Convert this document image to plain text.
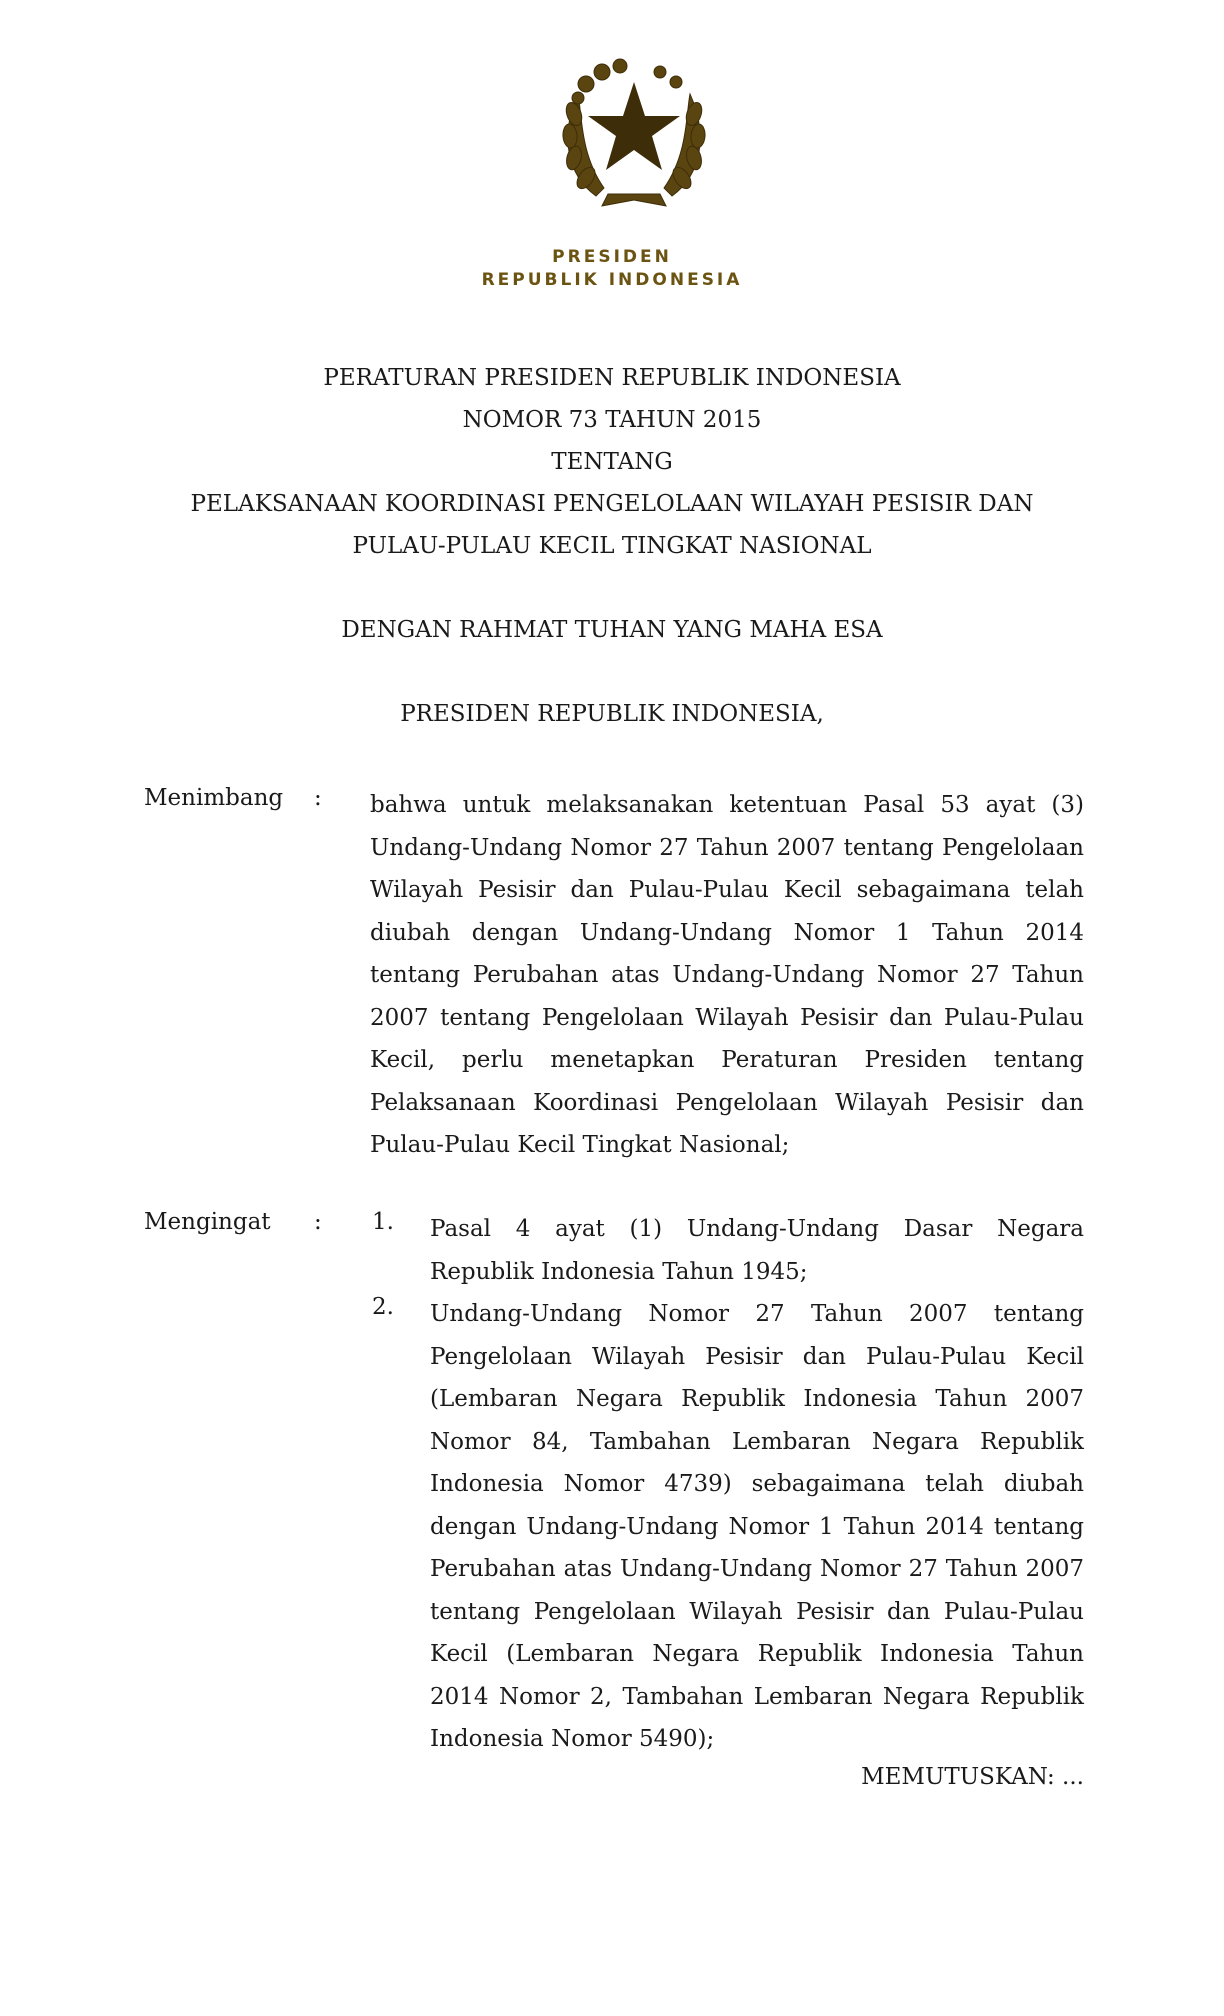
PRESIDEN
REPUBLIK INDONESIA
PERATURAN PRESIDEN REPUBLIK INDONESIA
NOMOR 73 TAHUN 2015
TENTANG
PELAKSANAAN KOORDINASI PENGELOLAAN WILAYAH PESISIR DAN
PULAU-PULAU KECIL TINGKAT NASIONAL
DENGAN RAHMAT TUHAN YANG MAHA ESA
PRESIDEN REPUBLIK INDONESIA,
Menimbang : bahwa untuk melaksanakan ketentuan Pasal 53 ayat (3) Undang-Undang Nomor 27 Tahun 2007 tentang Pengelolaan Wilayah Pesisir dan Pulau-Pulau Kecil sebagaimana telah diubah dengan Undang-Undang Nomor 1 Tahun 2014 tentang Perubahan atas Undang-Undang Nomor 27 Tahun 2007 tentang Pengelolaan Wilayah Pesisir dan Pulau-Pulau Kecil, perlu menetapkan Peraturan Presiden tentang Pelaksanaan Koordinasi Pengelolaan Wilayah Pesisir dan Pulau-Pulau Kecil Tingkat Nasional;

Mengingat : 1. Pasal 4 ayat (1) Undang-Undang Dasar Negara Republik Indonesia Tahun 1945;

2. Undang-Undang Nomor 27 Tahun 2007 tentang Pengelolaan Wilayah Pesisir dan Pulau-Pulau Kecil (Lembaran Negara Republik Indonesia Tahun 2007 Nomor 84, Tambahan Lembaran Negara Republik Indonesia Nomor 4739) sebagaimana telah diubah dengan Undang-Undang Nomor 1 Tahun 2014 tentang Perubahan atas Undang-Undang Nomor 27 Tahun 2007 tentang Pengelolaan Wilayah Pesisir dan Pulau-Pulau Kecil (Lembaran Negara Republik Indonesia Tahun 2014 Nomor 2, Tambahan Lembaran Negara Republik Indonesia Nomor 5490);

MEMUTUSKAN: ...
